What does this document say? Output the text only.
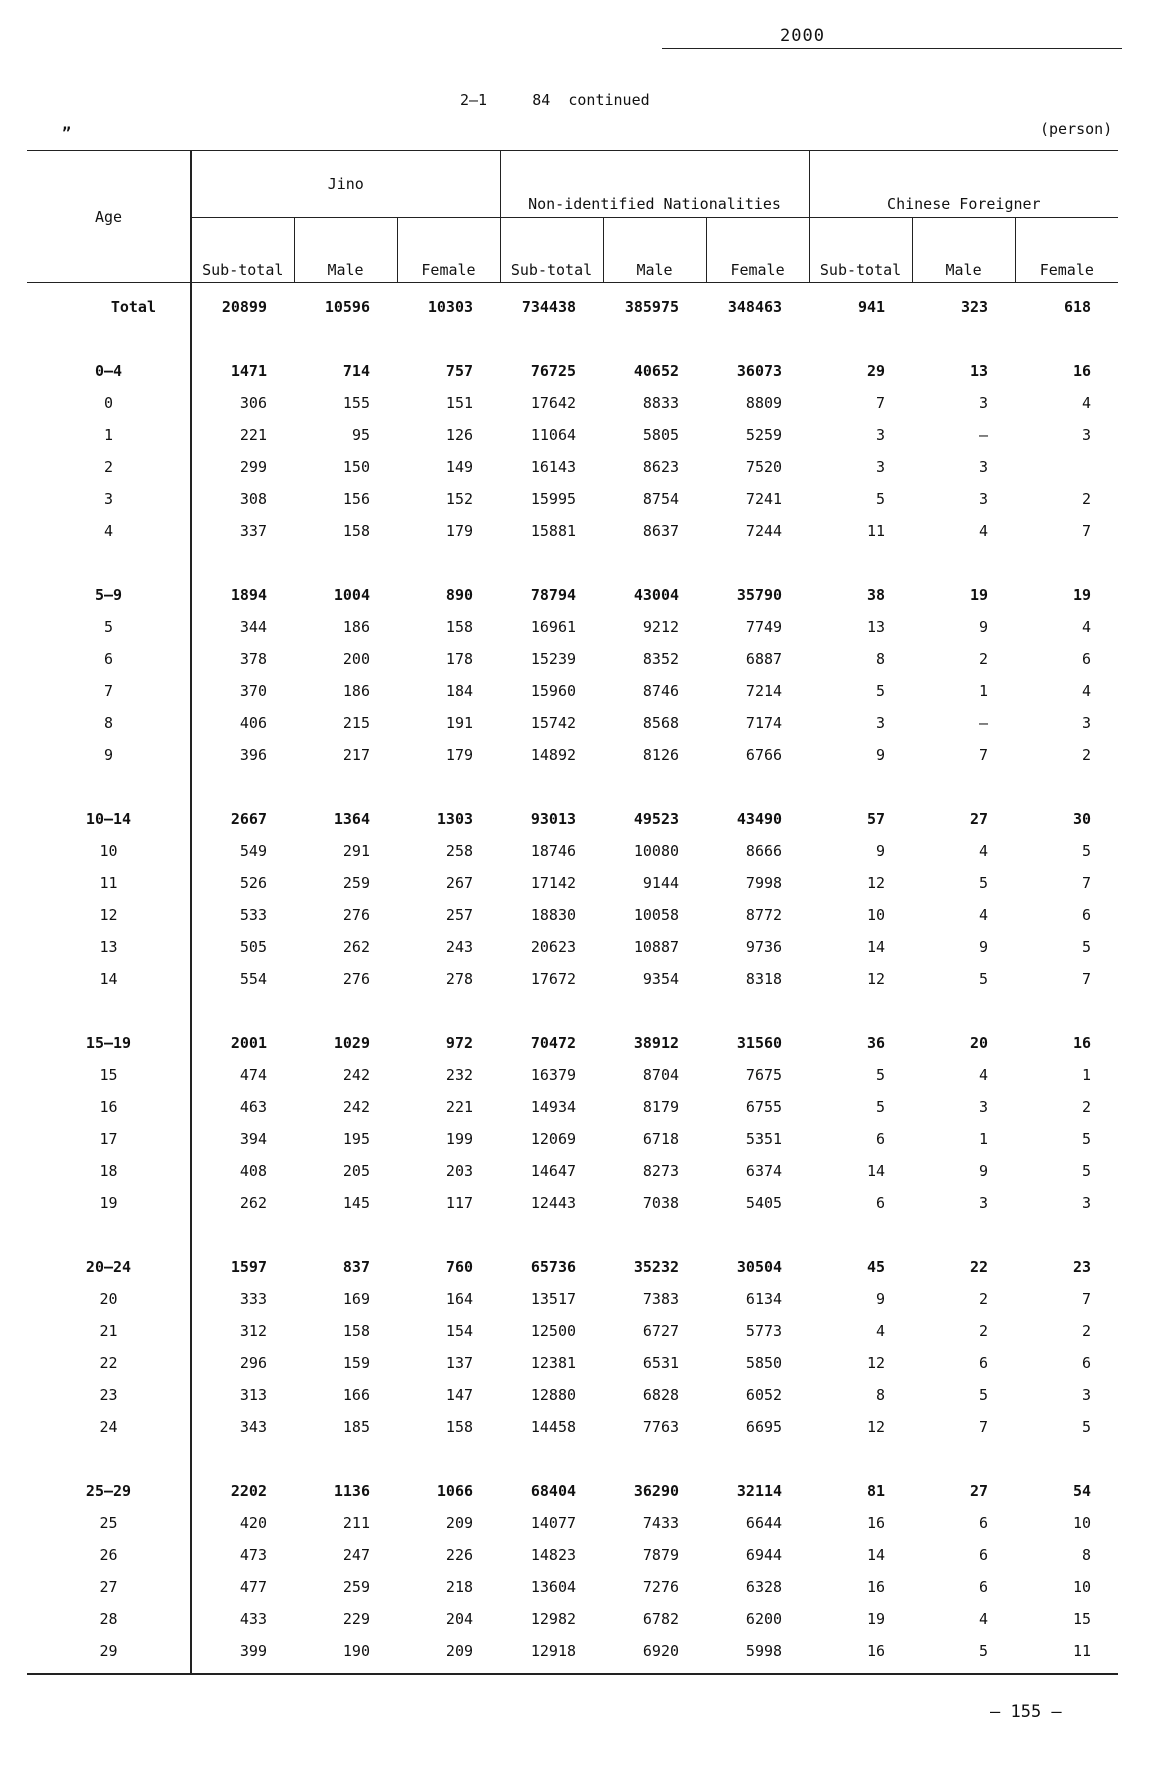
2000
2—1     84  continued
”	(person)
Age	Jino			Non-identified Nationalities			Chinese Foreigner		
	Sub-total	Male	Female	Sub-total	Male	Female	Sub-total	Male	Female
Total	20899	10596	10303	734438	385975	348463	941	323	618

0—4	1471	714	757	76725	40652	36073	29	13	16
0	306	155	151	17642	8833	8809	7	3	4
1	221	95	126	11064	5805	5259	3	—	3
2	299	150	149	16143	8623	7520	3	3	
3	308	156	152	15995	8754	7241	5	3	2
4	337	158	179	15881	8637	7244	11	4	7

5—9	1894	1004	890	78794	43004	35790	38	19	19
5	344	186	158	16961	9212	7749	13	9	4
6	378	200	178	15239	8352	6887	8	2	6
7	370	186	184	15960	8746	7214	5	1	4
8	406	215	191	15742	8568	7174	3	—	3
9	396	217	179	14892	8126	6766	9	7	2

10—14	2667	1364	1303	93013	49523	43490	57	27	30
10	549	291	258	18746	10080	8666	9	4	5
11	526	259	267	17142	9144	7998	12	5	7
12	533	276	257	18830	10058	8772	10	4	6
13	505	262	243	20623	10887	9736	14	9	5
14	554	276	278	17672	9354	8318	12	5	7

15—19	2001	1029	972	70472	38912	31560	36	20	16
15	474	242	232	16379	8704	7675	5	4	1
16	463	242	221	14934	8179	6755	5	3	2
17	394	195	199	12069	6718	5351	6	1	5
18	408	205	203	14647	8273	6374	14	9	5
19	262	145	117	12443	7038	5405	6	3	3

20—24	1597	837	760	65736	35232	30504	45	22	23
20	333	169	164	13517	7383	6134	9	2	7
21	312	158	154	12500	6727	5773	4	2	2
22	296	159	137	12381	6531	5850	12	6	6
23	313	166	147	12880	6828	6052	8	5	3
24	343	185	158	14458	7763	6695	12	7	5

25—29	2202	1136	1066	68404	36290	32114	81	27	54
25	420	211	209	14077	7433	6644	16	6	10
26	473	247	226	14823	7879	6944	14	6	8
27	477	259	218	13604	7276	6328	16	6	10
28	433	229	204	12982	6782	6200	19	4	15
29	399	190	209	12918	6920	5998	16	5	11
— 155 —
